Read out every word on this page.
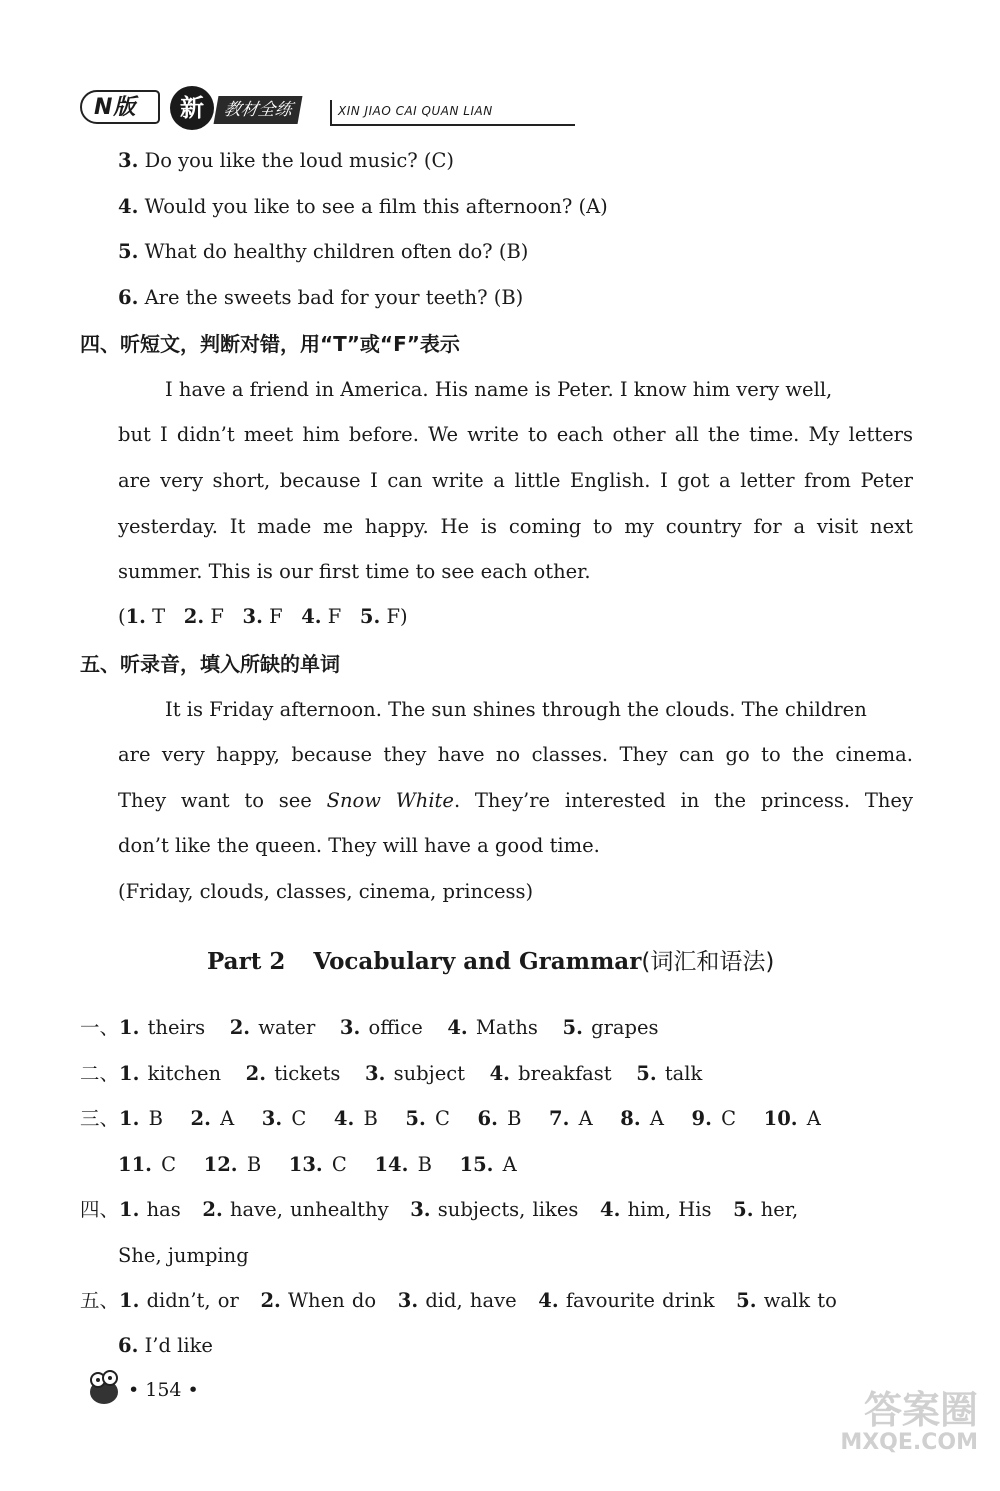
N版	新	教材全练	XIN JIAO CAI QUAN LIAN
3. Do you like the loud music? (C)
4. Would you like to see a film this afternoon? (A)
5. What do healthy children often do? (B)
6. Are the sweets bad for your teeth? (B)
四、听短文，判断对错，用“T”或“F”表示
I have a friend in America. His name is Peter. I know him very well,
but I didn’t meet him before. We write to each other all the time. My letters
are very short, because I can write a little English. I got a letter from Peter
yesterday. It made me happy. He is coming to my country for a visit next
summer. This is our first time to see each other.
(1. T 2. F 3. F 4. F 5. F)
五、听录音，填入所缺的单词
It is Friday afternoon. The sun shines through the clouds. The children
are very happy, because they have no classes. They can go to the cinema.
They want to see Snow White. They’re interested in the princess. They
don’t like the queen. They will have a good time.
(Friday, clouds, classes, cinema, princess)
Part 2 Vocabulary and Grammar(词汇和语法)
一、1. theirs 2. water 3. office 4. Maths 5. grapes
二、1. kitchen 2. tickets 3. subject 4. breakfast 5. talk
三、1. B 2. A 3. C 4. B 5. C 6. B 7. A 8. A 9. C 10. A
11. C 12. B 13. C 14. B 15. A
四、1. has 2. have, unhealthy 3. subjects, likes 4. him, His 5. her,
She, jumping
五、1. didn’t, or 2. When do 3. did, have 4. favourite drink 5. walk to
6. I’d like
• 154 •	答案圈
MXQE.COM
